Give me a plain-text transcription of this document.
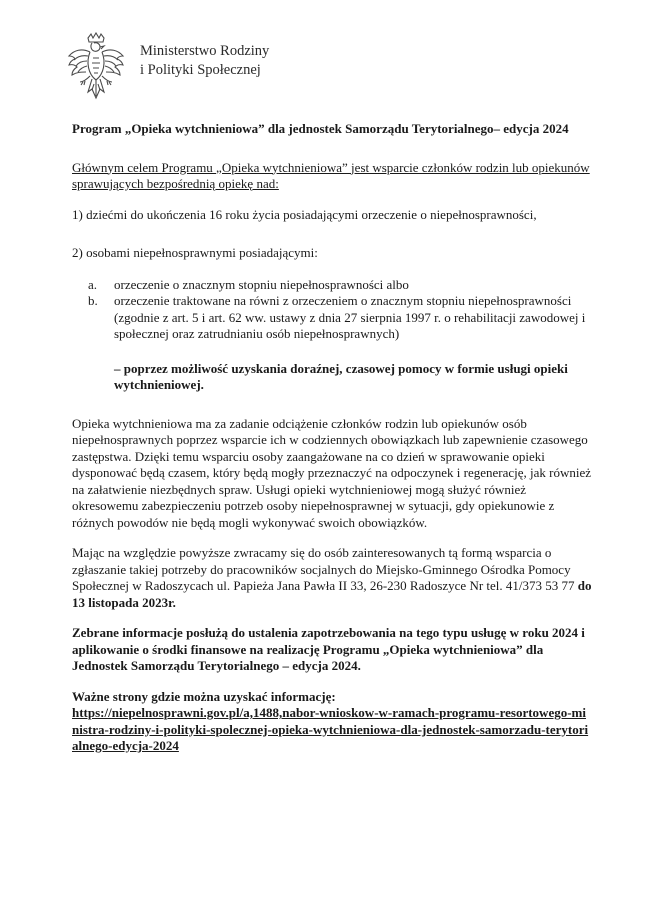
Ministerstwo Rodziny
i Polityki Społecznej

Program „Opieka wytchnieniowa” dla jednostek Samorządu Terytorialnego– edycja 2024

Głównym celem Programu „Opieka wytchnieniowa” jest wsparcie członków rodzin lub opiekunów sprawujących bezpośrednią opiekę nad:

1) dziećmi do ukończenia 16 roku życia posiadającymi orzeczenie o niepełnosprawności,

2) osobami niepełnosprawnymi posiadającymi:

a. orzeczenie o znacznym stopniu niepełnosprawności albo
b. orzeczenie traktowane na równi z orzeczeniem o znacznym stopniu niepełnosprawności (zgodnie z art. 5 i art. 62 ww. ustawy z dnia 27 sierpnia 1997 r. o rehabilitacji zawodowej i społecznej oraz zatrudnianiu osób niepełnosprawnych)

– poprzez możliwość uzyskania doraźnej, czasowej pomocy w formie usługi opieki wytchnieniowej.

Opieka wytchnieniowa ma za zadanie odciążenie członków rodzin lub opiekunów osób niepełnosprawnych poprzez wsparcie ich w codziennych obowiązkach lub zapewnienie czasowego zastępstwa. Dzięki temu wsparciu osoby zaangażowane na co dzień w sprawowanie opieki dysponować będą czasem, który będą mogły przeznaczyć na odpoczynek i regenerację, jak również na załatwienie niezbędnych spraw. Usługi opieki wytchnieniowej mogą służyć również okresowemu zabezpieczeniu potrzeb osoby niepełnosprawnej w sytuacji, gdy opiekunowie z różnych powodów nie będą mogli wykonywać swoich obowiązków.

Mając na względzie powyższe zwracamy się do osób zainteresowanych tą formą wsparcia o zgłaszanie takiej potrzeby do pracowników socjalnych do Miejsko-Gminnego Ośrodka Pomocy Społecznej w Radoszycach ul. Papieża Jana Pawła II 33, 26-230 Radoszyce Nr tel. 41/373 53 77 do 13 listopada 2023r.

Zebrane informacje posłużą do ustalenia zapotrzebowania na tego typu usługę w roku 2024 i aplikowanie o środki finansowe na realizację Programu „Opieka wytchnieniowa” dla Jednostek Samorządu Terytorialnego – edycja 2024.

Ważne strony gdzie można uzyskać informację:

https://niepelnosprawni.gov.pl/a,1488,nabor-wnioskow-w-ramach-programu-resortowego-ministra-rodziny-i-polityki-spolecznej-opieka-wytchnieniowa-dla-jednostek-samorzadu-terytorialnego-edycja-2024
